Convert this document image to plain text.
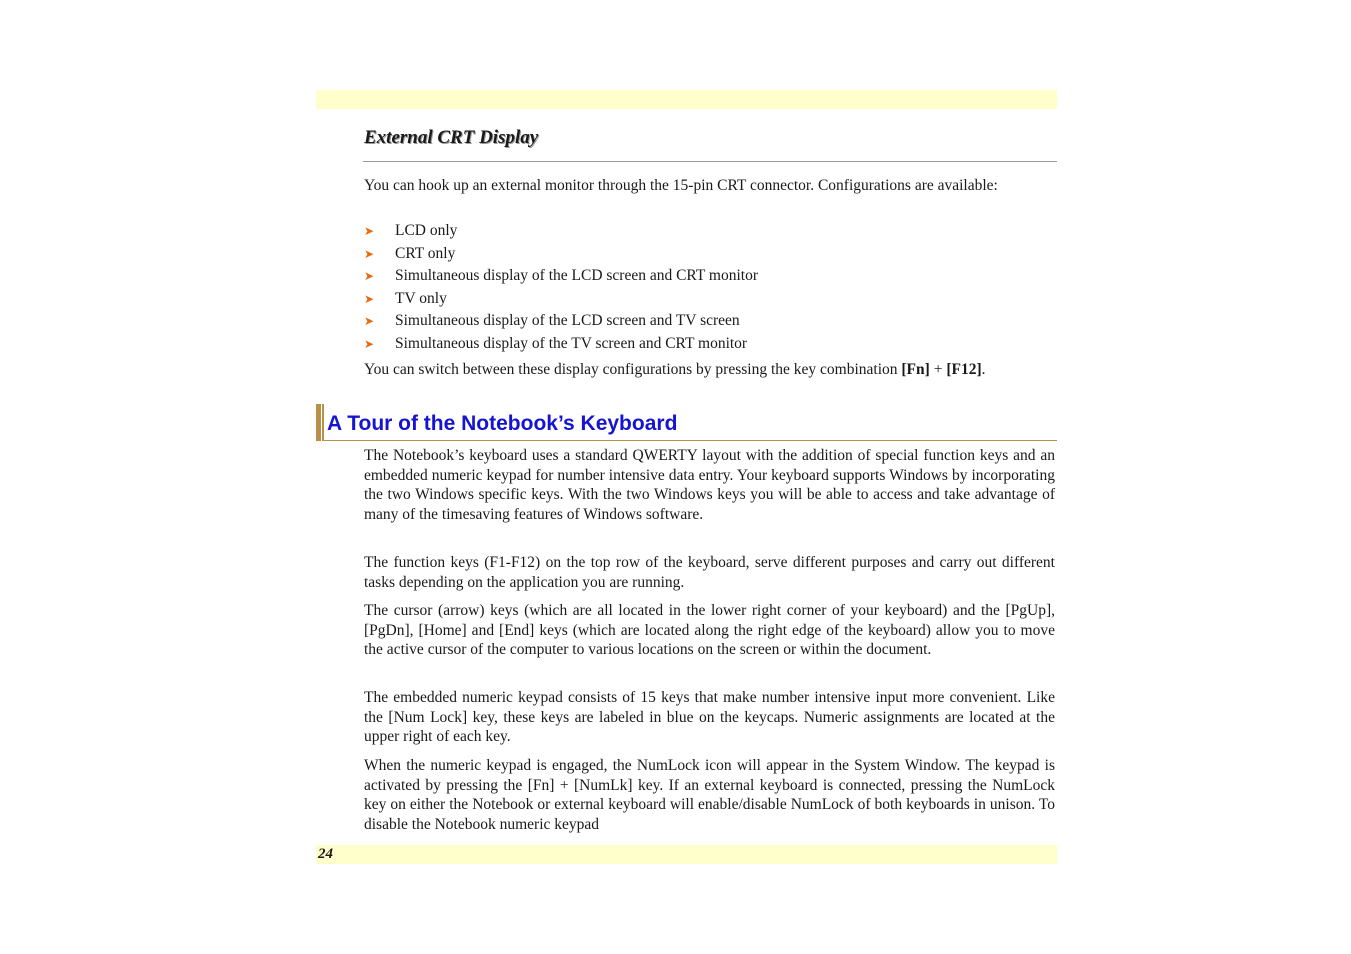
External CRT Display

You can hook up an external monitor through the 15-pin CRT connector. Configurations are available:

➤ LCD only
➤ CRT only
➤ Simultaneous display of the LCD screen and CRT monitor
➤ TV only
➤ Simultaneous display of the LCD screen and TV screen
➤ Simultaneous display of the TV screen and CRT monitor

You can switch between these display configurations by pressing the key combination [Fn] + [F12].

A Tour of the Notebook’s Keyboard

The Notebook’s keyboard uses a standard QWERTY layout with the addition of special function keys and an embedded numeric keypad for number intensive data entry. Your keyboard supports Windows by incorporating the two Windows specific keys. With the two Windows keys you will be able to access and take advantage of many of the timesaving features of Windows software.

The function keys (F1-F12) on the top row of the keyboard, serve different purposes and carry out different tasks depending on the application you are running.

The cursor (arrow) keys (which are all located in the lower right corner of your keyboard) and the [PgUp], [PgDn], [Home] and [End] keys (which are located along the right edge of the keyboard) allow you to move the active cursor of the computer to various locations on the screen or within the document.

The embedded numeric keypad consists of 15 keys that make number intensive input more convenient. Like the [Num Lock] key, these keys are labeled in blue on the keycaps. Numeric assignments are located at the upper right of each key.

When the numeric keypad is engaged, the NumLock icon will appear in the System Window. The keypad is activated by pressing the [Fn] + [NumLk] key. If an external keyboard is connected, pressing the NumLock key on either the Notebook or external keyboard will enable/disable NumLock of both keyboards in unison. To disable the Notebook numeric keypad

24
